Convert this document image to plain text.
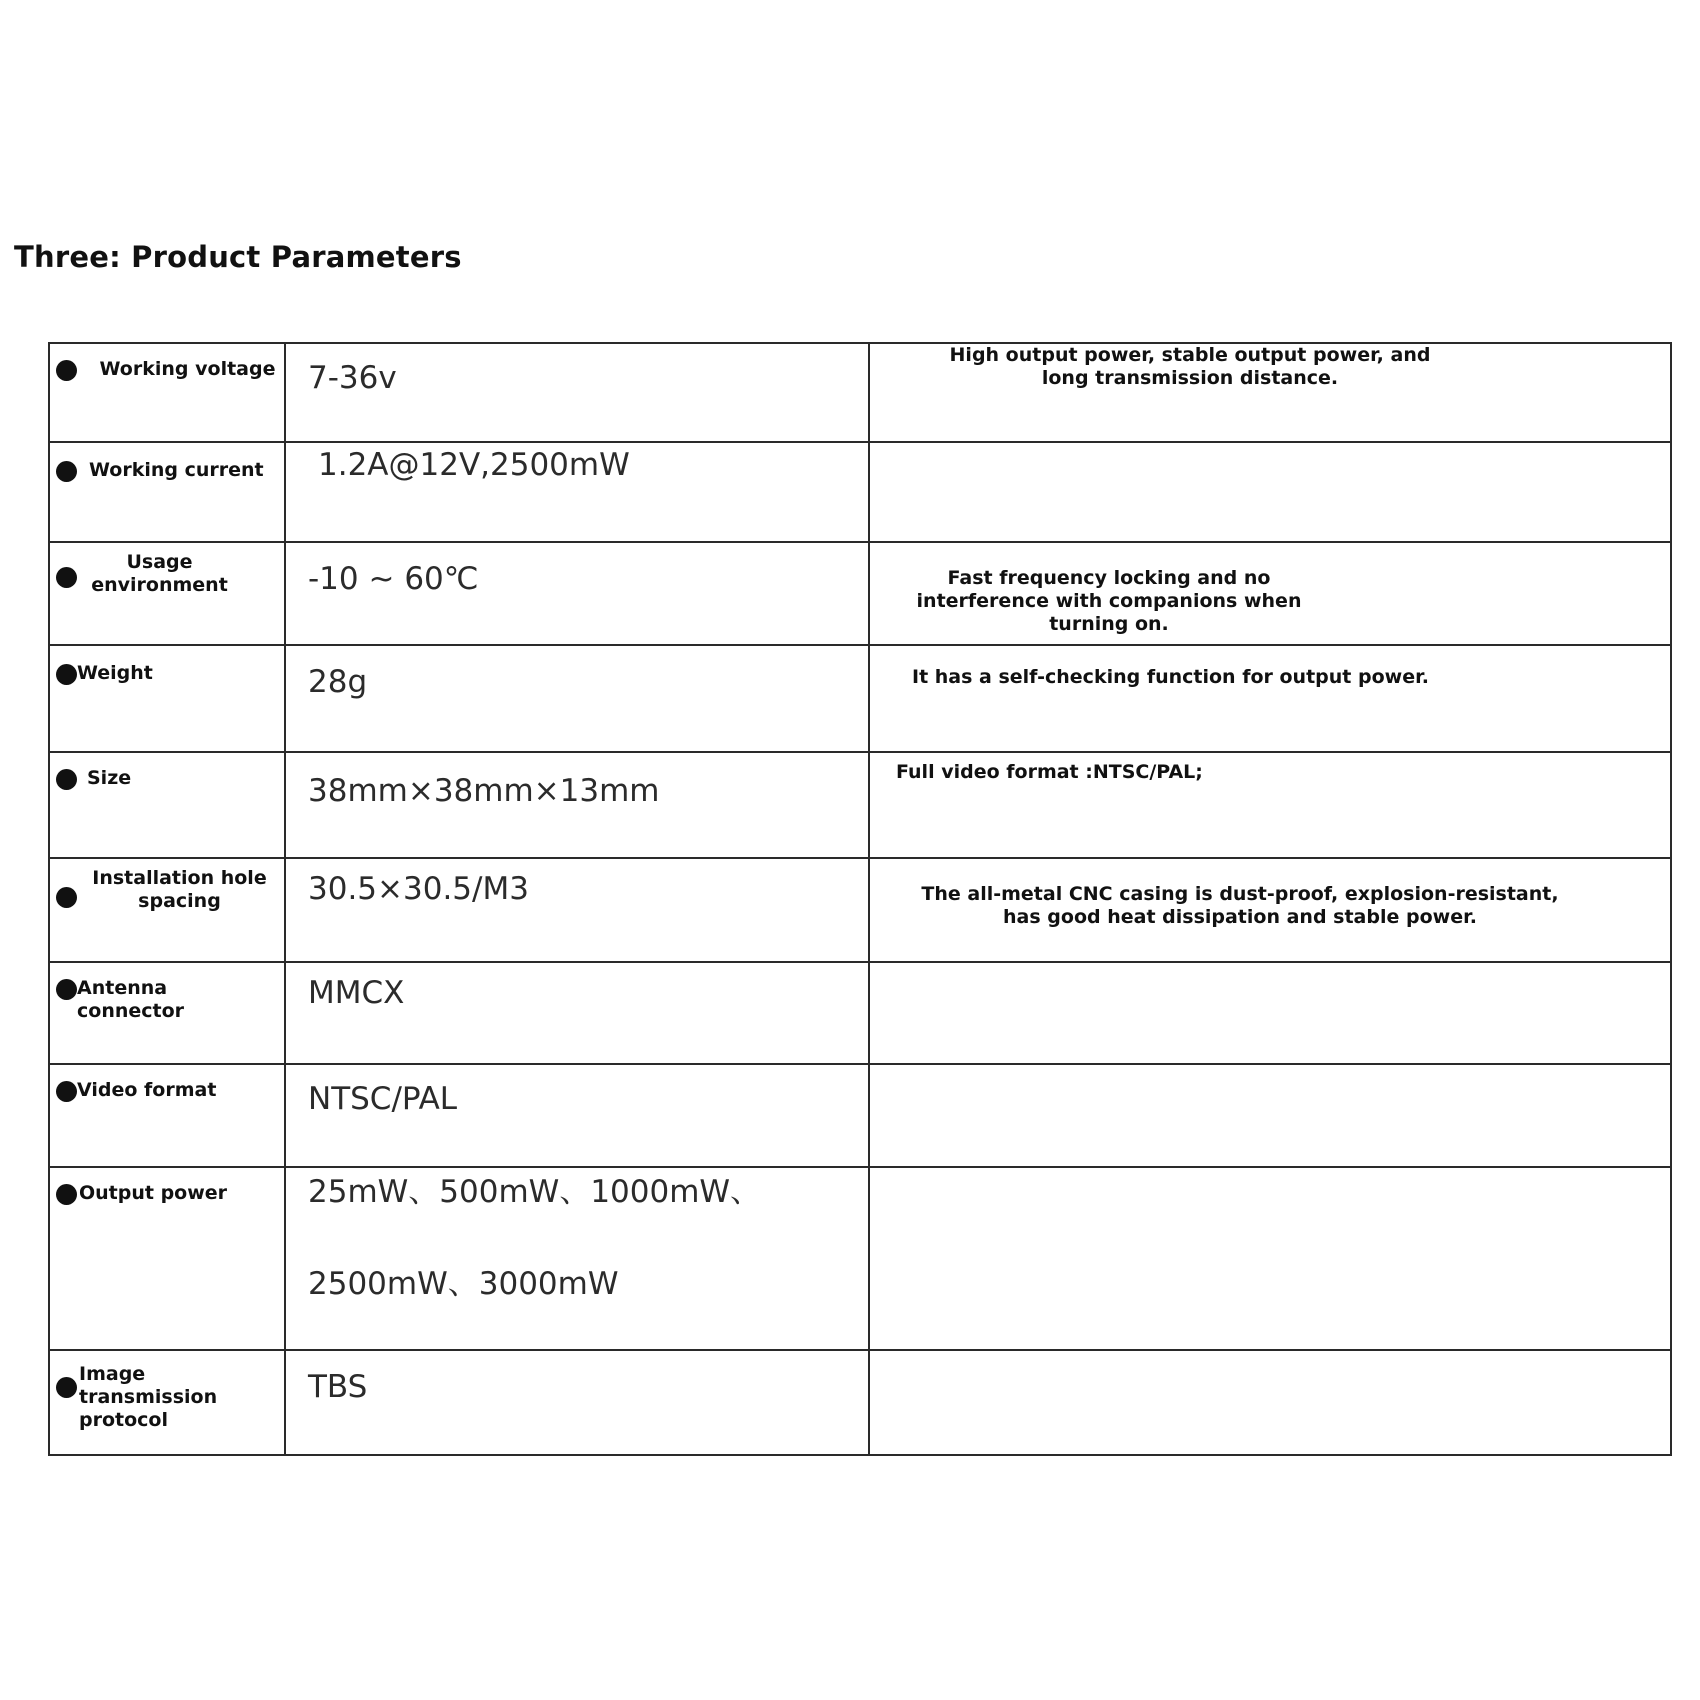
Three: Product Parameters
Working voltage	7-36v	High output power, stable output power, and long transmission distance.

Working current	1.2A@12V,2500mW	

Usage environment	-10 ~ 60℃	Fast frequency locking and no interference with companions when turning on.

Weight	28g	It has a self-checking function for output power.

Size	38mm×38mm×13mm	Full video format :NTSC/PAL;

Installation hole spacing	30.5×30.5/M3	The all-metal CNC casing is dust-proof, explosion-resistant, has good heat dissipation and stable power.

Antenna connector	MMCX	

Video format	NTSC/PAL	

Output power	25mW、500mW、1000mW、
2500mW、3000mW	

Image transmission protocol	TBS	
